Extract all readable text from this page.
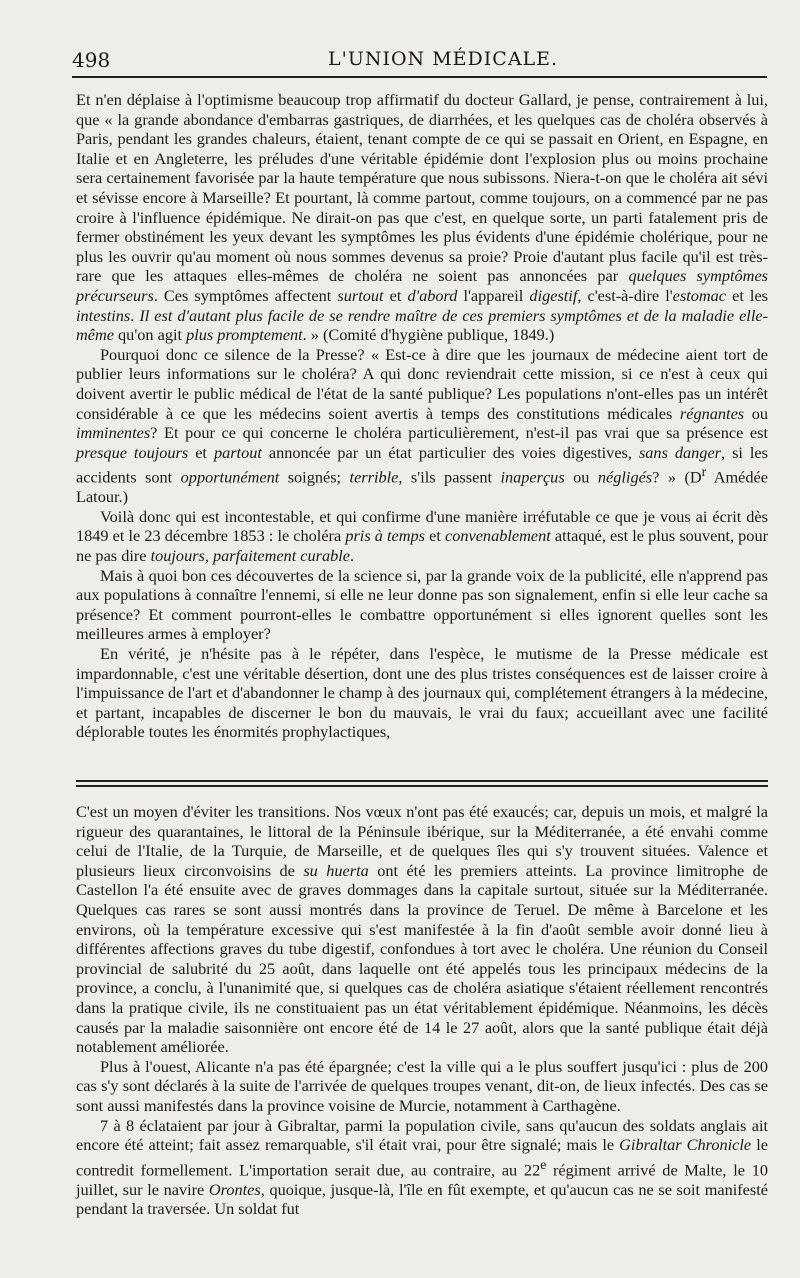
498	L'UNION MÉDICALE.

Et n'en déplaise à l'optimisme beaucoup trop affirmatif du docteur Gallard, je pense, contrairement à lui, que « la grande abondance d'embarras gastriques, de diarrhées, et les quelques cas de choléra observés à Paris, pendant les grandes chaleurs, étaient, tenant compte de ce qui se passait en Orient, en Espagne, en Italie et en Angleterre, les préludes d'une véritable épidémie dont l'explosion plus ou moins prochaine sera certainement favorisée par la haute température que nous subissons. Niera-t-on que le choléra ait sévi et sévisse encore à Marseille? Et pourtant, là comme partout, comme toujours, on a commencé par ne pas croire à l'influence épidémique. Ne dirait-on pas que c'est, en quelque sorte, un parti fatalement pris de fermer obstinément les yeux devant les symptômes les plus évidents d'une épidémie cholérique, pour ne plus les ouvrir qu'au moment où nous sommes devenus sa proie? Proie d'autant plus facile qu'il est très-rare que les attaques elles-mêmes de choléra ne soient pas annoncées par quelques symptômes précurseurs. Ces symptômes affectent surtout et d'abord l'appareil digestif, c'est-à-dire l'estomac et les intestins. Il est d'autant plus facile de se rendre maître de ces premiers symptômes et de la maladie elle-même qu'on agit plus promptement. » (Comité d'hygiène publique, 1849.)

Pourquoi donc ce silence de la Presse? « Est-ce à dire que les journaux de médecine aient tort de publier leurs informations sur le choléra? A qui donc reviendrait cette mission, si ce n'est à ceux qui doivent avertir le public médical de l'état de la santé publique? Les populations n'ont-elles pas un intérêt considérable à ce que les médecins soient avertis à temps des constitutions médicales régnantes ou imminentes? Et pour ce qui concerne le choléra particulièrement, n'est-il pas vrai que sa présence est presque toujours et partout annoncée par un état particulier des voies digestives, sans danger, si les accidents sont opportunément soignés; terrible, s'ils passent inaperçus ou négligés? » ($D^r$ Amédée Latour.)

Voilà donc qui est incontestable, et qui confirme d'une manière irréfutable ce que je vous ai écrit dès 1849 et le 23 décembre 1853 : le choléra pris à temps et convenablement attaqué, est le plus souvent, pour ne pas dire toujours, parfaitement curable.

Mais à quoi bon ces découvertes de la science si, par la grande voix de la publicité, elle n'apprend pas aux populations à connaître l'ennemi, si elle ne leur donne pas son signalement, enfin si elle leur cache sa présence? Et comment pourront-elles le combattre opportunément si elles ignorent quelles sont les meilleures armes à employer?

En vérité, je n'hésite pas à le répéter, dans l'espèce, le mutisme de la Presse médicale est impardonnable, c'est une véritable désertion, dont une des plus tristes conséquences est de laisser croire à l'impuissance de l'art et d'abandonner le champ à des journaux qui, complétement étrangers à la médecine, et partant, incapables de discerner le bon du mauvais, le vrai du faux; accueillant avec une facilité déplorable toutes les énormités prophylactiques,

C'est un moyen d'éviter les transitions. Nos vœux n'ont pas été exaucés; car, depuis un mois, et malgré la rigueur des quarantaines, le littoral de la Péninsule ibérique, sur la Méditerranée, a été envahi comme celui de l'Italie, de la Turquie, de Marseille, et de quelques îles qui s'y trouvent situées. Valence et plusieurs lieux circonvoisins de su huerta ont été les premiers atteints. La province limitrophe de Castellon l'a été ensuite avec de graves dommages dans la capitale surtout, située sur la Méditerranée. Quelques cas rares se sont aussi montrés dans la province de Teruel. De même à Barcelone et les environs, où la température excessive qui s'est manifestée à la fin d'août semble avoir donné lieu à différentes affections graves du tube digestif, confondues à tort avec le choléra. Une réunion du Conseil provincial de salubrité du 25 août, dans laquelle ont été appelés tous les principaux médecins de la province, a conclu, à l'unanimité que, si quelques cas de choléra asiatique s'étaient réellement rencontrés dans la pratique civile, ils ne constituaient pas un état véritablement épidémique. Néanmoins, les décès causés par la maladie saisonnière ont encore été de 14 le 27 août, alors que la santé publique était déjà notablement améliorée.

Plus à l'ouest, Alicante n'a pas été épargnée; c'est la ville qui a le plus souffert jusqu'ici : plus de 200 cas s'y sont déclarés à la suite de l'arrivée de quelques troupes venant, dit-on, de lieux infectés. Des cas se sont aussi manifestés dans la province voisine de Murcie, notamment à Carthagène.

7 à 8 éclataient par jour à Gibraltar, parmi la population civile, sans qu'aucun des soldats anglais ait encore été atteint; fait assez remarquable, s'il était vrai, pour être signalé; mais le Gibraltar Chronicle le contredit formellement. L'importation serait due, au contraire, au 22e régiment arrivé de Malte, le 10 juillet, sur le navire Orontes, quoique, jusque-là, l'île en fût exempte, et qu'aucun cas ne se soit manifesté pendant la traversée. Un soldat fut
